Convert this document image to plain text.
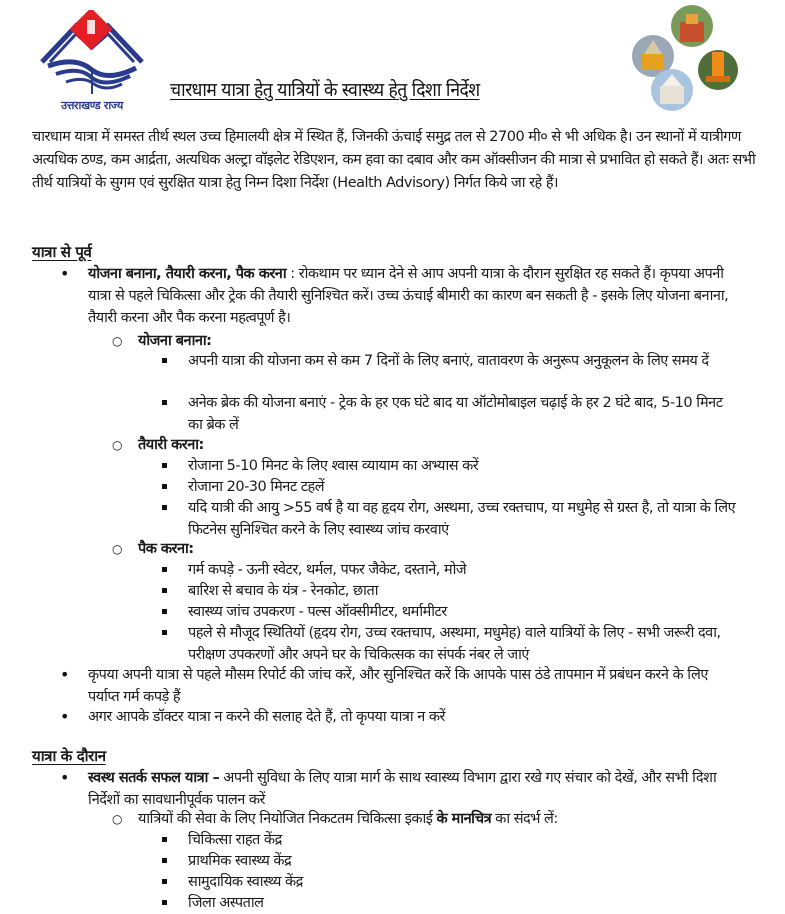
उत्तराखण्ड राज्य
चारधाम यात्रा हेतु यात्रियों के स्वास्थ्य हेतु दिशा निर्देश
चारधाम यात्रा में समस्त तीर्थ स्थल उच्च हिमालयी क्षेत्र में स्थित हैं, जिनकी ऊंचाई समुद्र तल से 2700 मी० से भी अधिक है। उन स्थानों में यात्रीगण अत्यधिक ठण्ड, कम आर्द्रता, अत्यधिक अल्ट्रा वॉइलेट रेडिएशन, कम हवा का दबाव और कम ऑक्सीजन की मात्रा से प्रभावित हो सकते हैं। अतः सभी तीर्थ यात्रियों के सुगम एवं सुरक्षित यात्रा हेतु निम्न दिशा निर्देश (Health Advisory) निर्गत किये जा रहे हैं।
यात्रा से पूर्व
• योजना बनाना, तैयारी करना, पैक करना : रोकथाम पर ध्यान देने से आप अपनी यात्रा के दौरान सुरक्षित रह सकते हैं। कृपया अपनी यात्रा से पहले चिकित्सा और ट्रेक की तैयारी सुनिश्चित करें। उच्च ऊंचाई बीमारी का कारण बन सकती है - इसके लिए योजना बनाना, तैयारी करना और पैक करना महत्वपूर्ण है।
○ योजना बनाना:
अपनी यात्रा की योजना कम से कम 7 दिनों के लिए बनाएं, वातावरण के अनुरूप अनुकूलन के लिए समय दें
अनेक ब्रेक की योजना बनाएं - ट्रेक के हर एक घंटे बाद या ऑटोमोबाइल चढ़ाई के हर 2 घंटे बाद, 5-10 मिनट का ब्रेक लें
○ तैयारी करना:
रोजाना 5-10 मिनट के लिए श्वास व्यायाम का अभ्यास करें
रोजाना 20-30 मिनट टहलें
यदि यात्री की आयु >55 वर्ष है या वह हृदय रोग, अस्थमा, उच्च रक्तचाप, या मधुमेह से ग्रस्त है, तो यात्रा के लिए फिटनेस सुनिश्चित करने के लिए स्वास्थ्य जांच करवाएं
○ पैक करना:
गर्म कपड़े - ऊनी स्वेटर, थर्मल, पफर जैकेट, दस्ताने, मोजे
बारिश से बचाव के यंत्र - रेनकोट, छाता
स्वास्थ्य जांच उपकरण - पल्स ऑक्सीमीटर, थर्मामीटर
पहले से मौजूद स्थितियों (हृदय रोग, उच्च रक्तचाप, अस्थमा, मधुमेह) वाले यात्रियों के लिए - सभी जरूरी दवा, परीक्षण उपकरणों और अपने घर के चिकित्सक का संपर्क नंबर ले जाएं
• कृपया अपनी यात्रा से पहले मौसम रिपोर्ट की जांच करें, और सुनिश्चित करें कि आपके पास ठंडे तापमान में प्रबंधन करने के लिए पर्याप्त गर्म कपड़े हैं
• अगर आपके डॉक्टर यात्रा न करने की सलाह देते हैं, तो कृपया यात्रा न करें
यात्रा के दौरान
• स्वस्थ सतर्क सफल यात्रा – अपनी सुविधा के लिए यात्रा मार्ग के साथ स्वास्थ्य विभाग द्वारा रखे गए संचार को देखें, और सभी दिशा निर्देशों का सावधानीपूर्वक पालन करें
○ यात्रियों की सेवा के लिए नियोजित निकटतम चिकित्सा इकाई के मानचित्र का संदर्भ लें:
चिकित्सा राहत केंद्र
प्राथमिक स्वास्थ्य केंद्र
सामुदायिक स्वास्थ्य केंद्र
जिला अस्पताल
